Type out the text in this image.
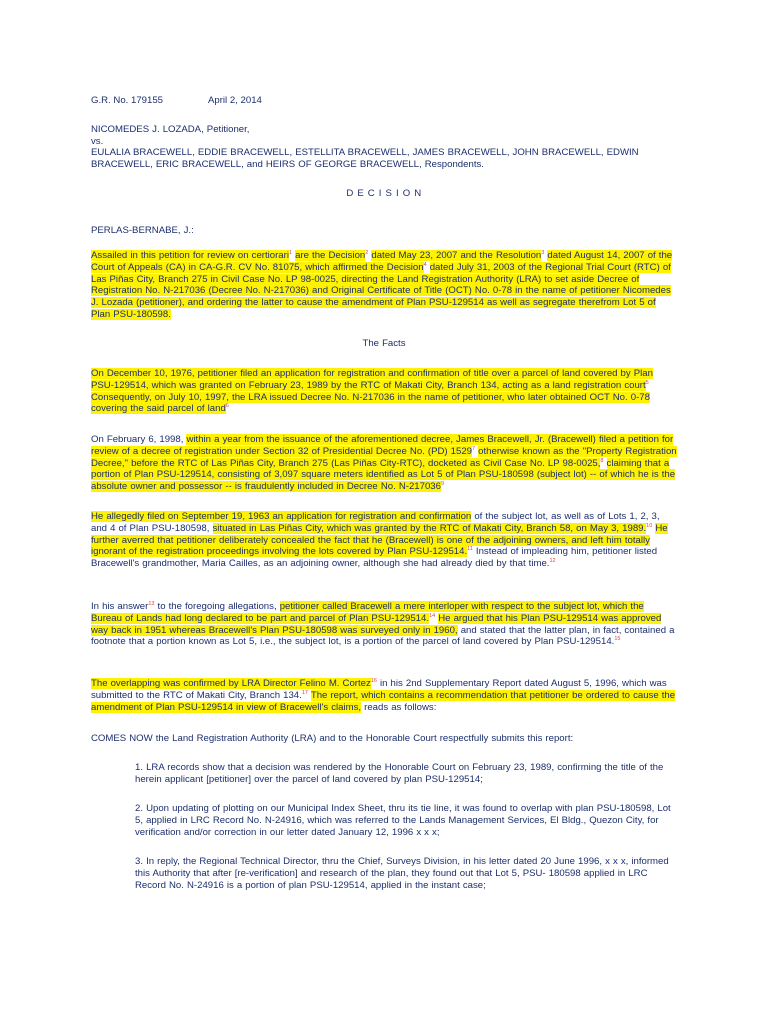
G.R. No. 179155	April 2, 2014

NICOMEDES J. LOZADA, Petitioner,

vs.

EULALIA BRACEWELL, EDDIE BRACEWELL, ESTELLITA BRACEWELL, JAMES BRACEWELL, JOHN BRACEWELL, EDWIN BRACEWELL, ERIC BRACEWELL, and HEIRS OF GEORGE BRACEWELL, Respondents.

D E C I S I O N

PERLAS-BERNABE, J.:

Assailed in this petition for review on certiorari$^1$ are the Decision$^2$ dated May 23, 2007 and the Resolution$^3$ dated August 14, 2007 of the Court of Appeals (CA) in CA-G.R. CV No. 81075, which affirmed the Decision$^4$ dated July 31, 2003 of the Regional Trial Court (RTC) of Las Piñas City, Branch 275 in Civil Case No. LP 98-0025, directing the Land Registration Authority (LRA) to set aside Decree of Registration No. N-217036 (Decree No. N-217036) and Original Certificate of Title (OCT) No. 0-78 in the name of petitioner Nicomedes J. Lozada (petitioner), and ordering the latter to cause the amendment of Plan PSU-129514 as well as segregate therefrom Lot 5 of Plan PSU-180598.

The Facts

On December 10, 1976, petitioner filed an application for registration and confirmation of title over a parcel of land covered by Plan PSU-129514, which was granted on February 23, 1989 by the RTC of Makati City, Branch 134, acting as a land registration court$^5$ Consequently, on July 10, 1997, the LRA issued Decree No. N-217036 in the name of petitioner, who later obtained OCT No. 0-78 covering the said parcel of land$^6$

On February 6, 1998, within a year from the issuance of the aforementioned decree, James Bracewell, Jr. (Bracewell) filed a petition for review of a decree of registration under Section 32 of Presidential Decree No. (PD) 1529$^7$ otherwise known as the "Property Registration Decree," before the RTC of Las Piñas City, Branch 275 (Las Piñas City-RTC), docketed as Civil Case No. LP 98-0025,$^8$ claiming that a portion of Plan PSU-129514, consisting of 3,097 square meters identified as Lot 5 of Plan PSU-180598 (subject lot) -- of which he is the absolute owner and possessor -- is fraudulently included in Decree No. N-217036$^9$

He allegedly filed on September 19, 1963 an application for registration and confirmation of the subject lot, as well as of Lots 1, 2, 3, and 4 of Plan PSU-180598, situated in Las Piñas City, which was granted by the RTC of Makati City, Branch 58, on May 3, 1989.10 He further averred that petitioner deliberately concealed the fact that he (Bracewell) is one of the adjoining owners, and left him totally ignorant of the registration proceedings involving the lots covered by Plan PSU-129514.11 Instead of impleading him, petitioner listed Bracewell's grandmother, Maria Cailles, as an adjoining owner, although she had already died by that time.$^{12}$

In his answer$^{13}$ to the foregoing allegations, petitioner called Bracewell a mere interloper with respect to the subject lot, which the Bureau of Lands had long declared to be part and parcel of Plan PSU-129514.14 He argued that his Plan PSU-129514 was approved way back in 1951 whereas Bracewell's Plan PSU-180598 was surveyed only in 1960, and stated that the latter plan, in fact, contained a footnote that a portion known as Lot 5, i.e., the subject lot, is a portion of the parcel of land covered by Plan PSU-129514.15

The overlapping was confirmed by LRA Director Felino M. Cortez$^{16}$ in his 2nd Supplementary Report dated August 5, 1996, which was submitted to the RTC of Makati City, Branch 134.17 The report, which contains a recommendation that petitioner be ordered to cause the amendment of Plan PSU-129514 in view of Bracewell's claims, reads as follows:

COMES NOW the Land Registration Authority (LRA) and to the Honorable Court respectfully submits this report:

1. LRA records show that a decision was rendered by the Honorable Court on February 23, 1989, confirming the title of the herein applicant [petitioner] over the parcel of land covered by plan PSU-129514;

2. Upon updating of plotting on our Municipal Index Sheet, thru its tie line, it was found to overlap with plan PSU-180598, Lot 5, applied in LRC Record No. N-24916, which was referred to the Lands Management Services, El Bldg., Quezon City, for verification and/or correction in our letter dated January 12, 1996 x x x;

3. In reply, the Regional Technical Director, thru the Chief, Surveys Division, in his letter dated 20 June 1996, x x x, informed this Authority that after [re-verification] and research of the plan, they found out that Lot 5, PSU- 180598 applied in LRC Record No. N-24916 is a portion of plan PSU-129514, applied in the instant case;
